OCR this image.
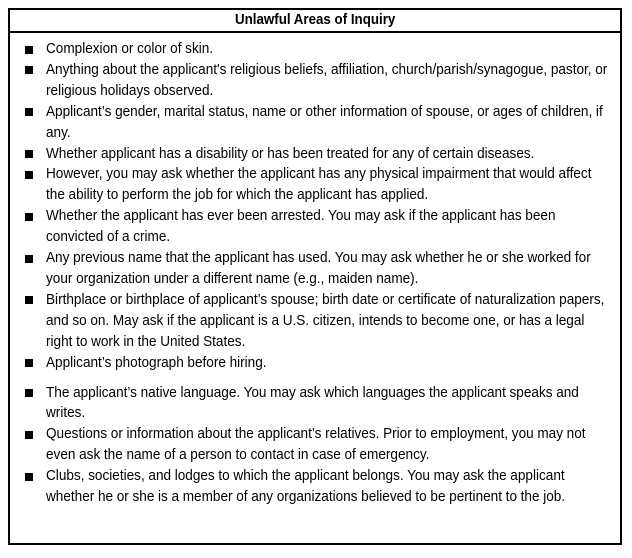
Unlawful Areas of Inquiry
Complexion or color of skin.
Anything about the applicant's religious beliefs, affiliation, church/parish/synagogue, pastor, or religious holidays observed.
Applicant’s gender, marital status, name or other information of spouse, or ages of children, if any.
Whether applicant has a disability or has been treated for any of certain diseases.
However, you may ask whether the applicant has any physical impairment that would affect the ability to perform the job for which the applicant has applied.
Whether the applicant has ever been arrested. You may ask if the applicant has been convicted of a crime.
Any previous name that the applicant has used. You may ask whether he or she worked for your organization under a different name (e.g., maiden name).
Birthplace or birthplace of applicant’s spouse; birth date or certificate of naturalization papers, and so on. May ask if the applicant is a U.S. citizen, intends to become one, or has a legal right to work in the United States.
Applicant’s photograph before hiring.
The applicant’s native language. You may ask which languages the applicant speaks and writes.
Questions or information about the applicant’s relatives. Prior to employment, you may not even ask the name of a person to contact in case of emergency.
Clubs, societies, and lodges to which the applicant belongs. You may ask the applicant whether he or she is a member of any organizations believed to be pertinent to the job.
